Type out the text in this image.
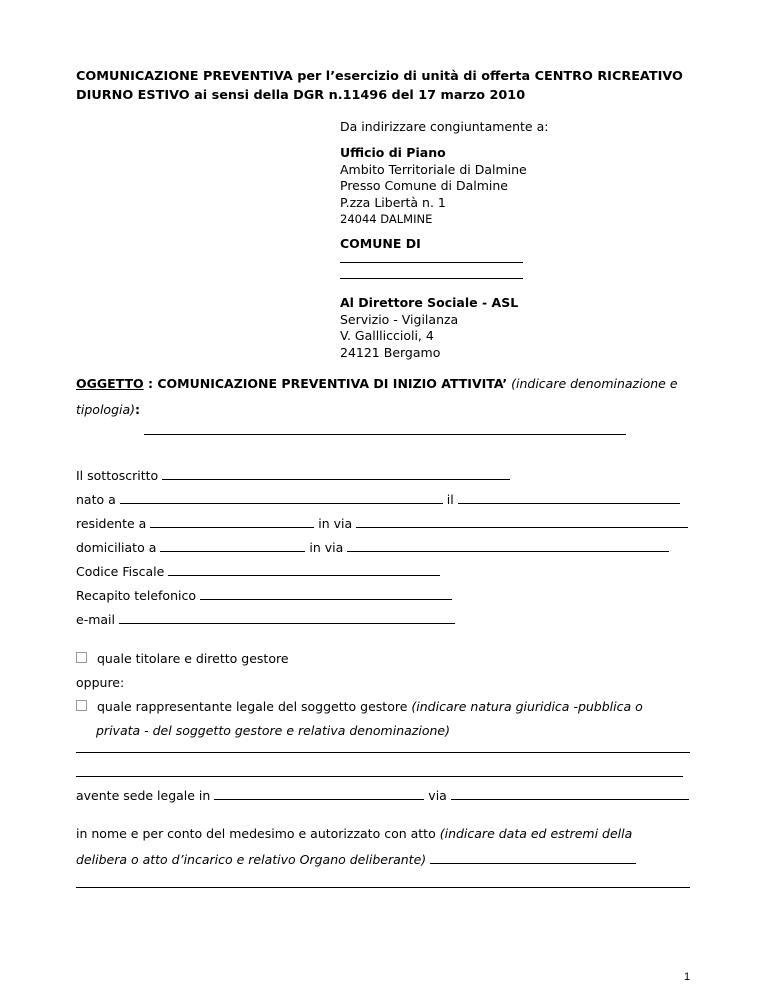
COMUNICAZIONE PREVENTIVA per l’esercizio di unità di offerta CENTRO RICREATIVO
DIURNO ESTIVO ai sensi della DGR n.11496 del 17 marzo 2010
Da indirizzare congiuntamente a:
Ufficio di Piano
Ambito Territoriale di Dalmine
Presso Comune di Dalmine
P.zza Libertà n. 1
24044 DALMINE
COMUNE DI
Al Direttore Sociale - ASL
Servizio - Vigilanza
V. Gallliccioli, 4
24121 Bergamo
OGGETTO : COMUNICAZIONE PREVENTIVA DI INIZIO ATTIVITA’ (indicare denominazione e
tipologia):
Il sottoscritto
nato a	il
residente a	in via
domiciliato a	in via
Codice Fiscale
Recapito telefonico
e-mail
quale titolare e diretto gestore
oppure:
quale rappresentante legale del soggetto gestore (indicare natura giuridica -pubblica o
privata - del soggetto gestore e relativa denominazione)
avente sede legale in	via
in nome e per conto del medesimo e autorizzato con atto (indicare data ed estremi della
delibera o atto d’incarico e relativo Organo deliberante)
1
